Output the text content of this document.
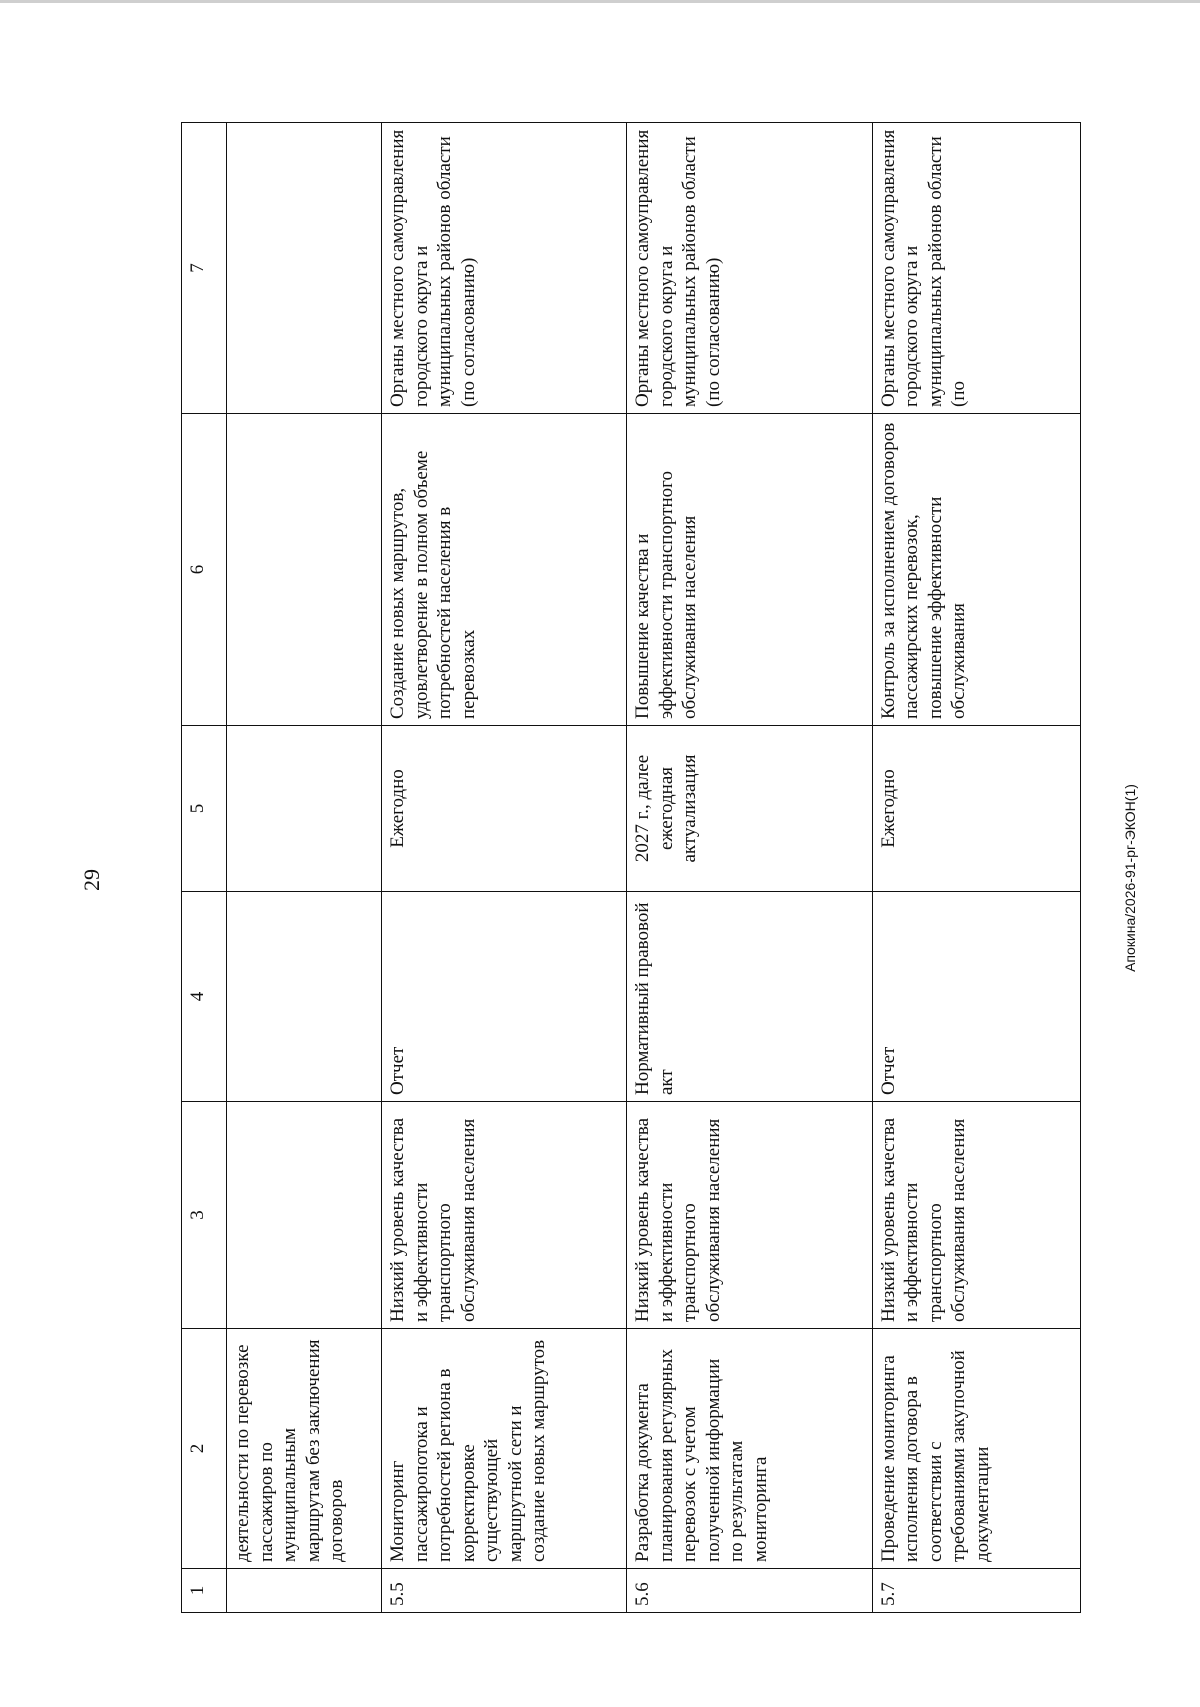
29	Апокина/2026-91-рг-ЭКОН(1)
1	2	3	4	5	6	7
	деятельности по перевозке пассажиров по муниципальным маршрутам без заключения договоров					
5.5	Мониторинг пассажиропотока и потребностей региона в корректировке существующей маршрутной сети и создание новых маршрутов	Низкий уровень качества и эффективности транспортного обслуживания населения	Отчет	Ежегодно	Создание новых маршрутов, удовлетворение в полном объеме потребностей населения в перевозках	Органы местного самоуправления городского округа и муниципальных районов области (по согласованию)
5.6	Разработка документа планирования регулярных перевозок с учетом полученной информации по результатам мониторинга	Низкий уровень качества и эффективности транспортного обслуживания населения	Нормативный правовой акт	2027 г., далее ежегодная актуализация	Повышение качества и эффективности транспортного обслуживания населения	Органы местного самоуправления городского округа и муниципальных районов области (по согласованию)
5.7	Проведение мониторинга исполнения договора в соответствии с требованиями закупочной документации	Низкий уровень качества и эффективности транспортного обслуживания населения	Отчет	Ежегодно	Контроль за исполнением договоров пассажирских перевозок, повышение эффективности обслуживания	Органы местного самоуправления городского округа и муниципальных районов области (по
